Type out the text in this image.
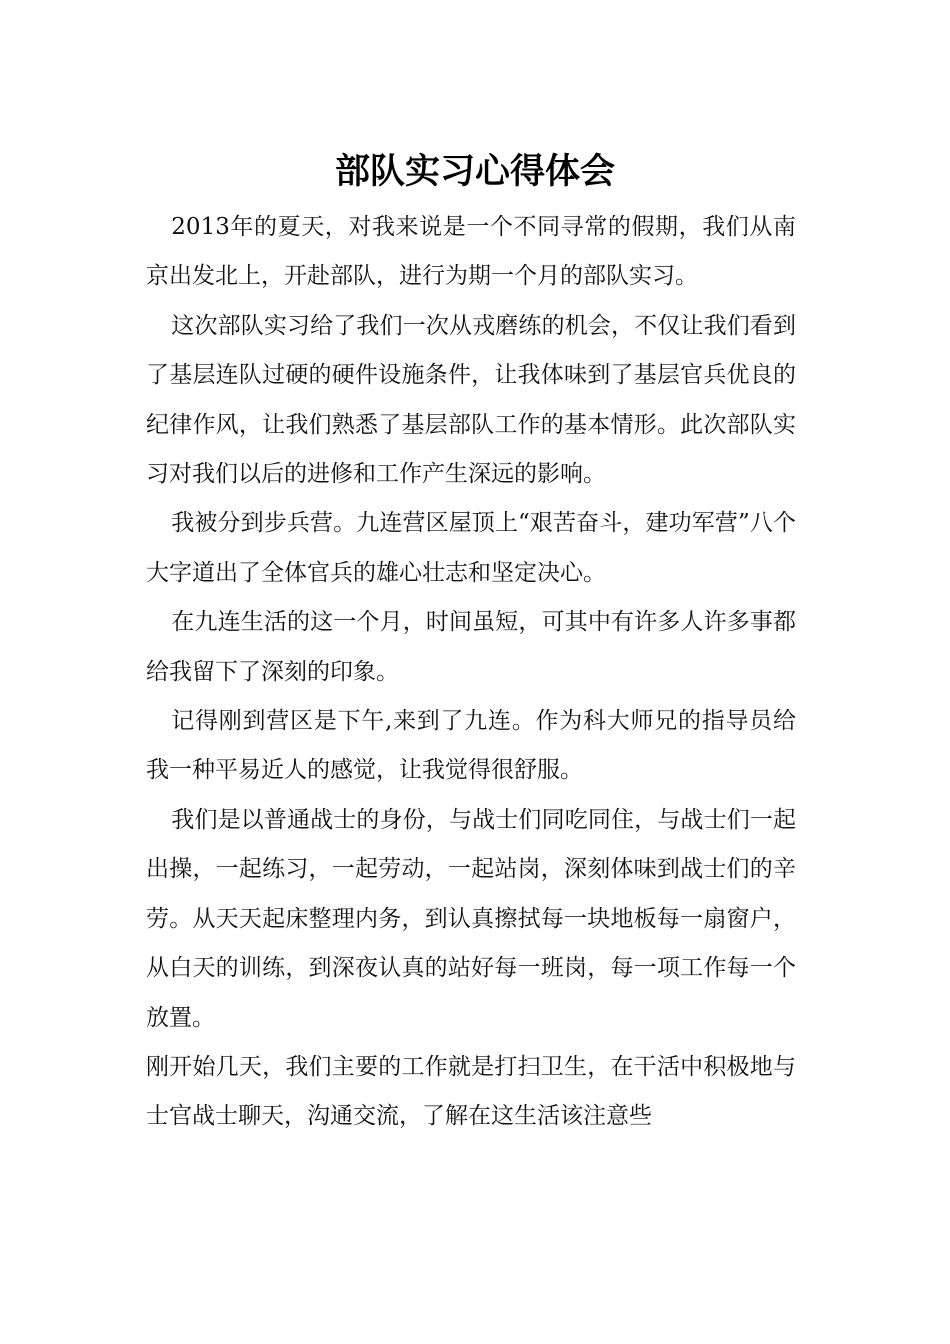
部队实习心得体会

2013年的夏天，对我来说是一个不同寻常的假期，我们从南京出发北上，开赴部队，进行为期一个月的部队实习。

这次部队实习给了我们一次从戎磨练的机会，不仅让我们看到了基层连队过硬的硬件设施条件，让我体味到了基层官兵优良的纪律作风，让我们熟悉了基层部队工作的基本情形。此次部队实习对我们以后的进修和工作产生深远的影响。

我被分到步兵营。九连营区屋顶上“艰苦奋斗，建功军营”八个大字道出了全体官兵的雄心壮志和坚定决心。

在九连生活的这一个月，时间虽短，可其中有许多人许多事都给我留下了深刻的印象。

记得刚到营区是下午,来到了九连。作为科大师兄的指导员给我一种平易近人的感觉，让我觉得很舒服。

我们是以普通战士的身份，与战士们同吃同住，与战士们一起出操，一起练习，一起劳动，一起站岗，深刻体味到战士们的辛劳。从天天起床整理内务，到认真擦拭每一块地板每一扇窗户，从白天的训练，到深夜认真的站好每一班岗，每一项工作每一个放置。

刚开始几天，我们主要的工作就是打扫卫生，在干活中积极地与士官战士聊天，沟通交流，了解在这生活该注意些
